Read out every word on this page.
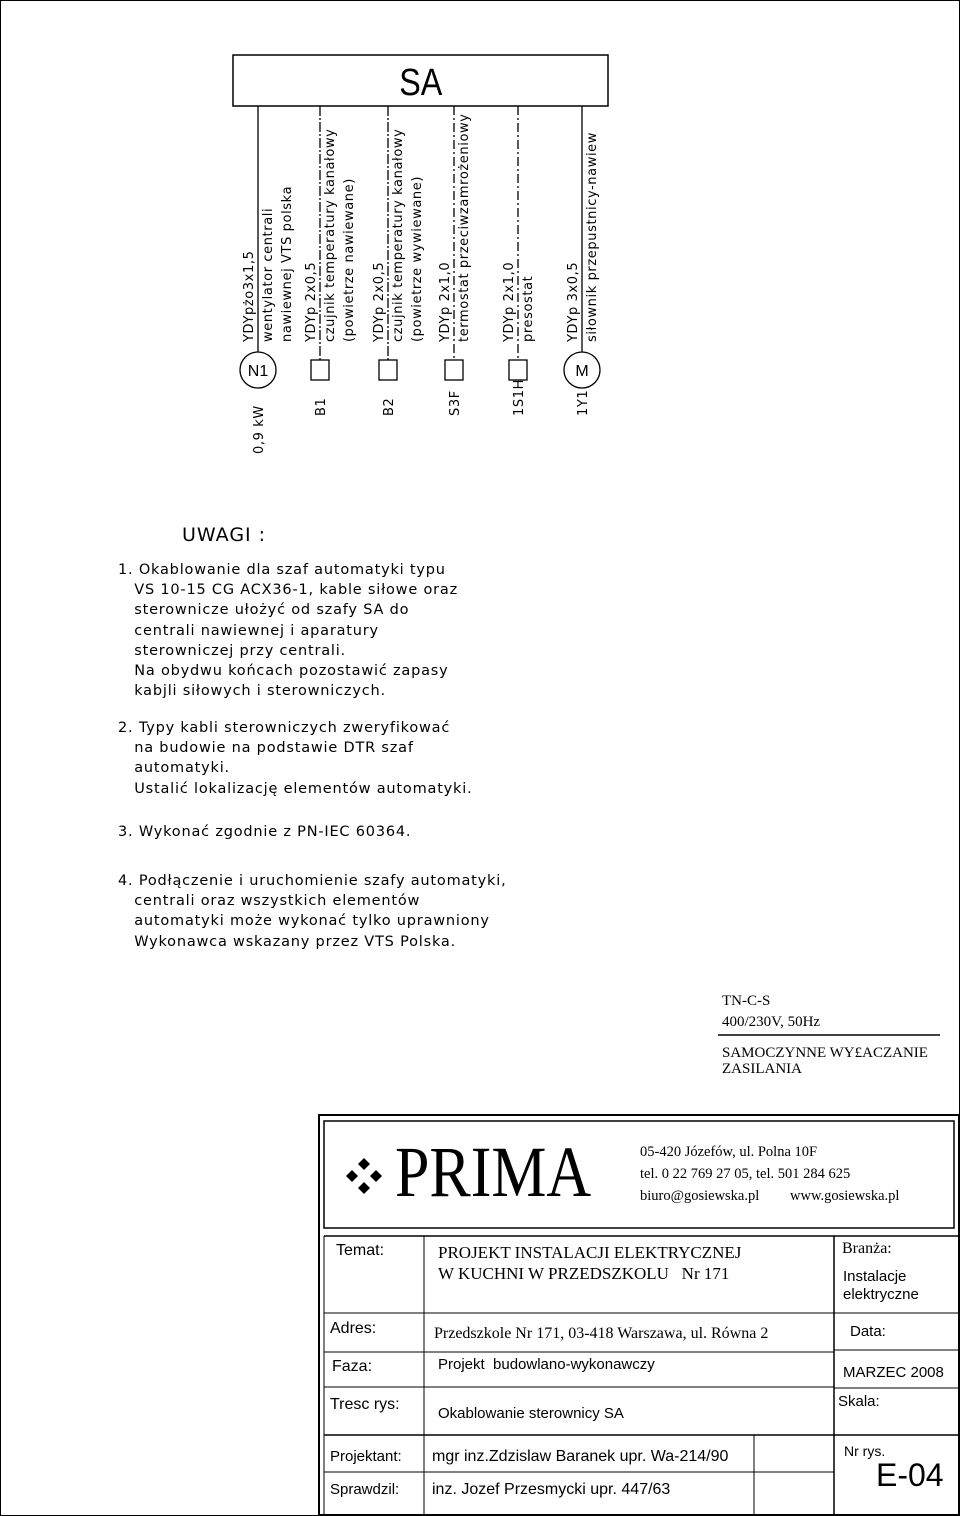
SA
N1
YDYpżo3x1,5 wentylator centrali nawiewnej VTS polska
0,9 kW
YDYp 2x0,5 czujnik temperatury kanałowy (powietrze nawiewane)
B1
YDYp 2x0,5 czujnik temperatury kanałowy (powietrze wywiewane)
B2
YDYp 2x1,0 termostat przeciwzamrożeniowy
S3F
YDYp 2x1,0 presostat
1S1H
M
YDYp 3x0,5 siłownik przepustnicy-nawiew
1Y1
UWAGI :
1. Okablowanie dla szaf automatyki typu
VS 10-15 CG ACX36-1, kable siłowe oraz
sterownicze ułożyć od szafy SA do
centrali nawiewnej i aparatury
sterowniczej przy centrali.
Na obydwu końcach pozostawić zapasy
kabjli siłowych i sterowniczych.
2. Typy kabli sterowniczych zweryfikować
na budowie na podstawie DTR szaf
automatyki.
Ustalić lokalizację elementów automatyki.
3. Wykonać zgodnie z PN-IEC 60364.
4. Podłączenie i uruchomienie szafy automatyki,
centrali oraz wszystkich elementów
automatyki może wykonać tylko uprawniony
Wykonawca wskazany przez VTS Polska.
TN-C-S
400/230V, 50Hz
SAMOCZYNNE WY£ACZANIE
ZASILANIA
PRIMA	05-420 Józefów, ul. Polna 10F
tel. 0 22 769 27 05, tel. 501 284 625
biuro@gosiewska.pl www.gosiewska.pl
Temat:	PROJEKT INSTALACJI ELEKTRYCZNEJ
W KUCHNI W PRZEDSZKOLU   Nr 171
Branża:
Instalacje
elektryczne
Adres:	Przedszkole Nr 171, 03-418 Warszawa, ul. Równa 2	Data:
Faza:	Projekt  budowlano-wykonawczy	MARZEC 2008
Tresc rys:
Okablowanie sterownicy SA
Skala:
Projektant: mgr inz.Zdzislaw Baranek upr. Wa-214/90	Nr rys.
E-04
Sprawdzil: inz. Jozef Przesmycki upr. 447/63
